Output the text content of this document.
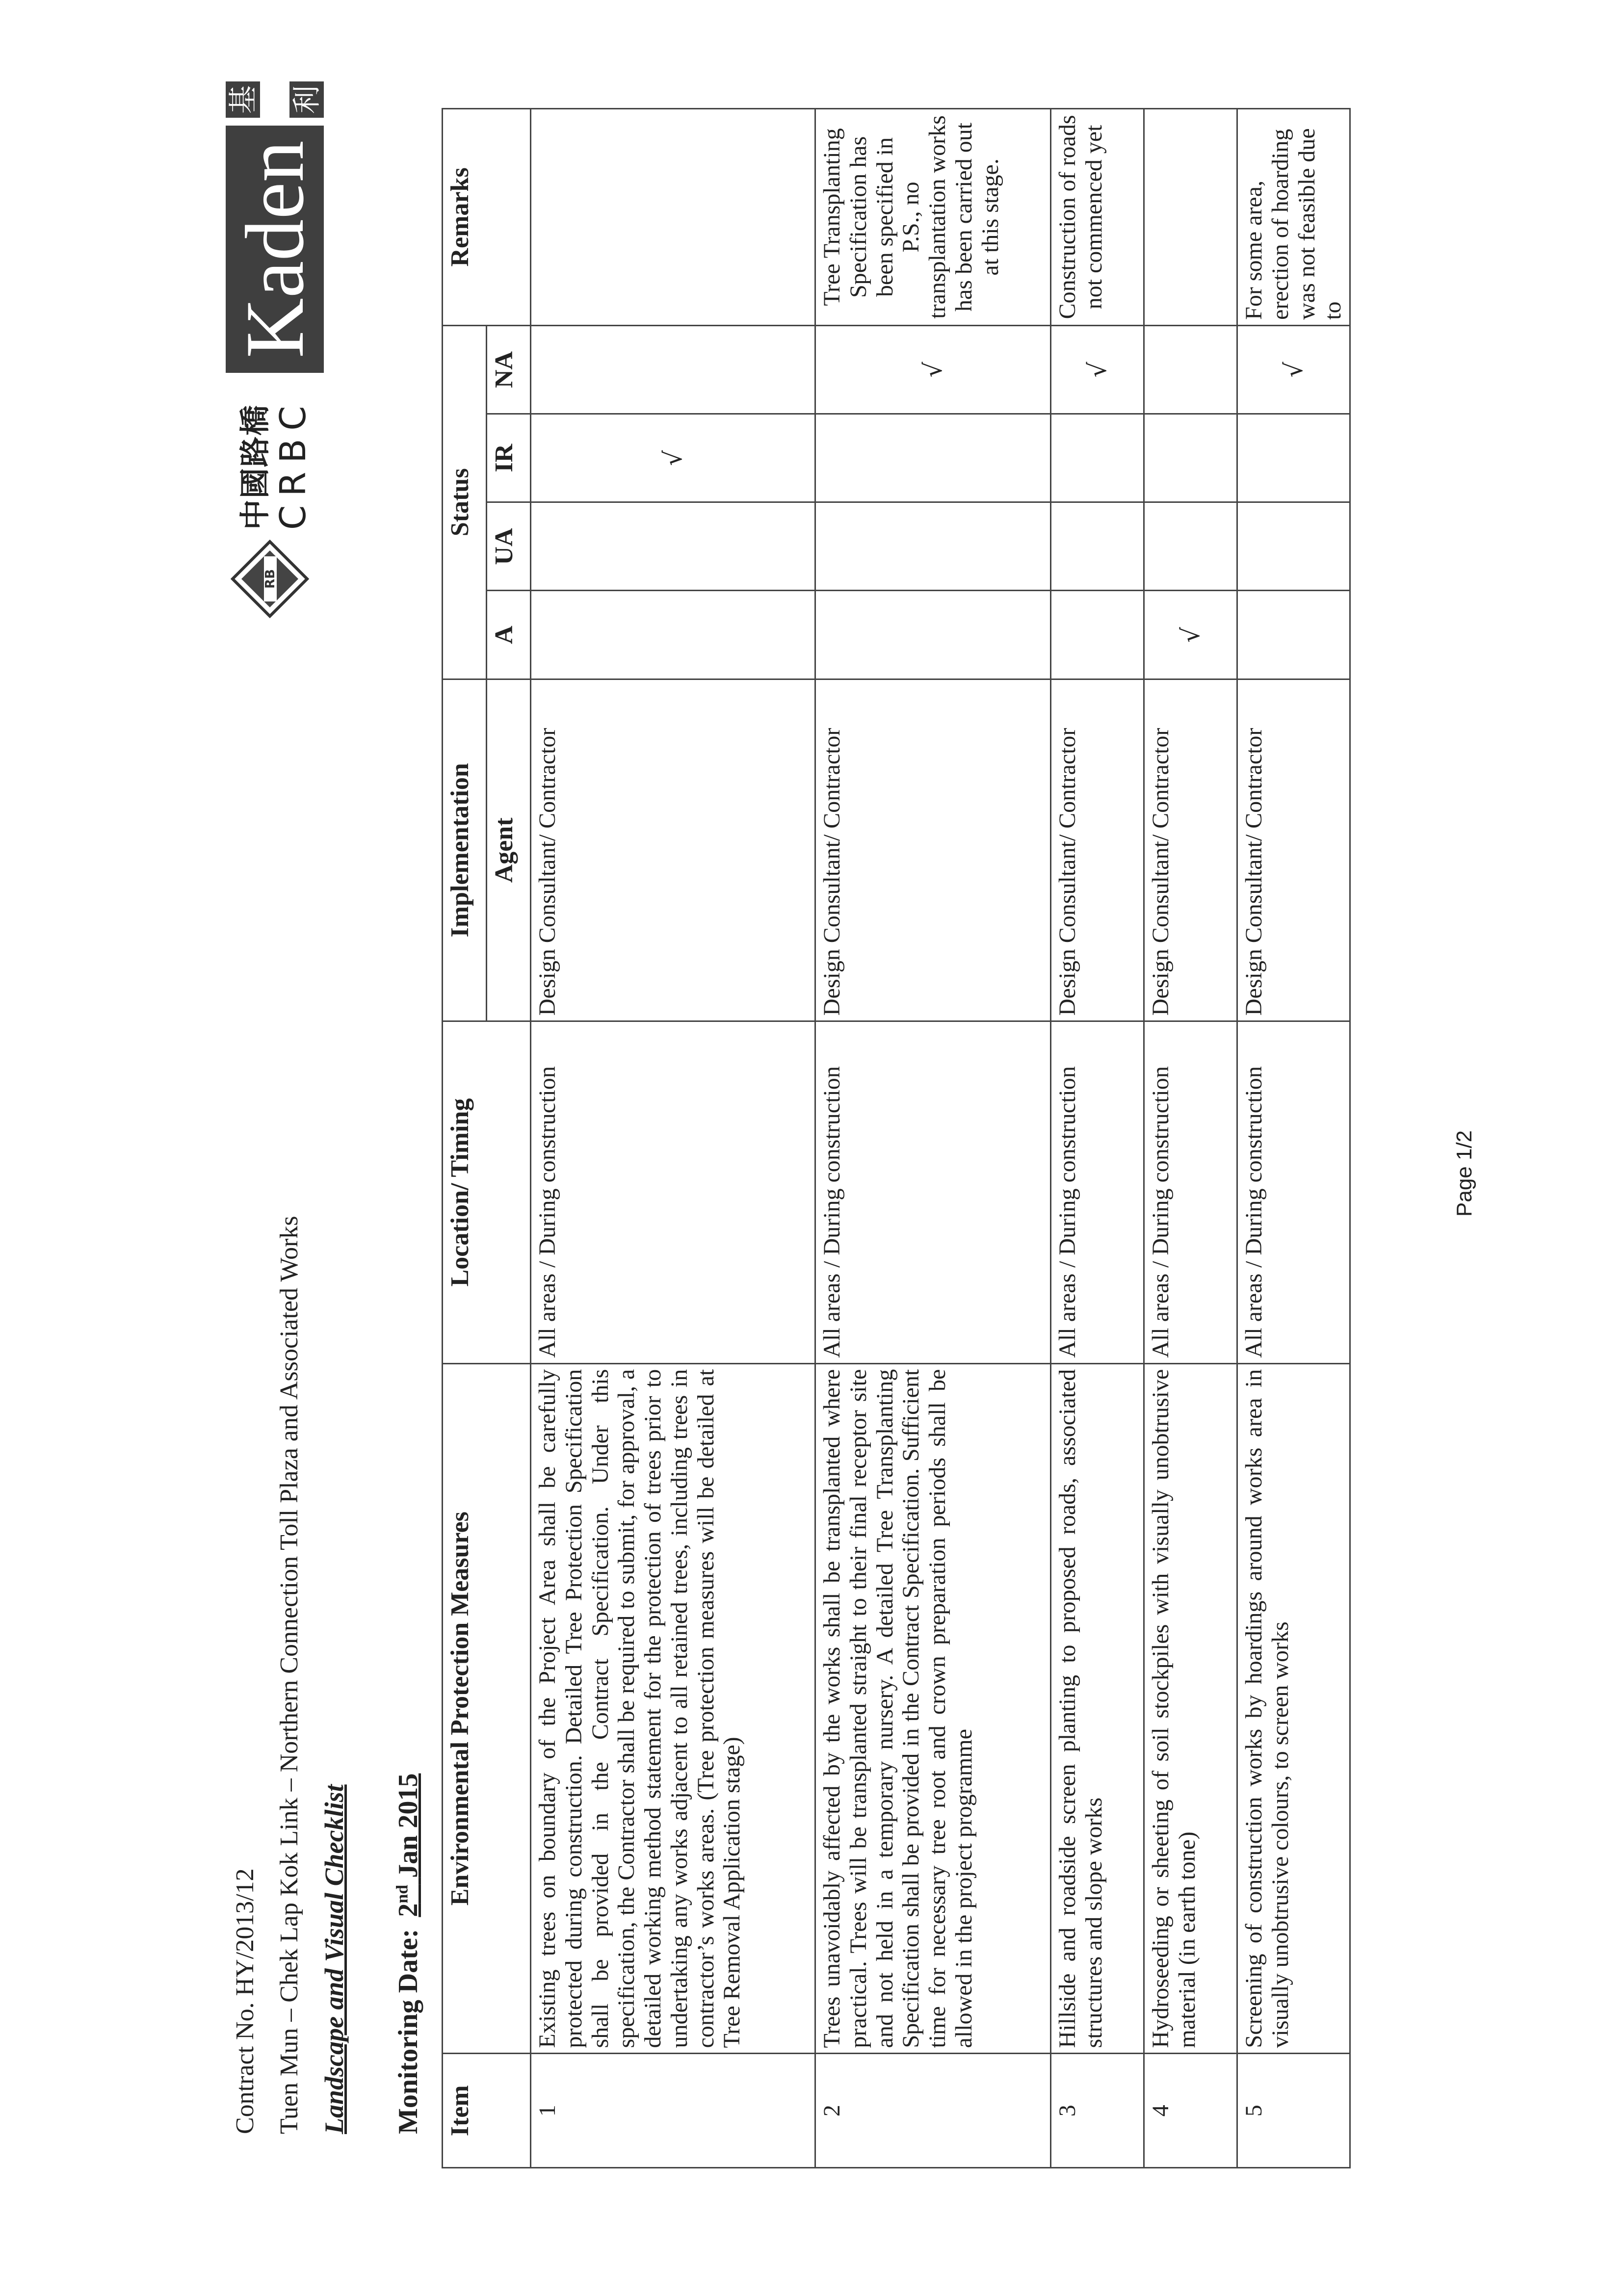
Contract No. HY/2013/12 Tuen Mun – Chek Lap Kok Link – Northern Connection Toll Plaza and Associated Works Landscape and Visual Checklist Monitoring Date: 2nd Jan 2015
RB
中國路橋 CRBC
Kaden
基 利
Item	Environmental Protection Measures	Location/ Timing	Implementation	Status				Remarks
			Agent	A	UA	IR	NA	
1	Existing trees on boundary of the Project Area shall be carefully protected during construction. Detailed Tree Protection Specification shall be provided in the Contract Specification. Under this specification, the Contractor shall be required to submit, for approval, a detailed working method statement for the protection of trees prior to undertaking any works adjacent to all retained trees, including trees in contractor’s works areas. (Tree protection measures will be detailed at Tree Removal Application stage)	All areas / During construction	Design Consultant/ Contractor			√		
2	Trees unavoidably affected by the works shall be transplanted where practical. Trees will be transplanted straight to their final receptor site and not held in a temporary nursery. A detailed Tree Transplanting Specification shall be provided in the Contract Specification. Sufficient time for necessary tree root and crown preparation periods shall be allowed in the project programme	All areas / During construction	Design Consultant/ Contractor				√	Tree Transplanting Specification has been specified in P.S., no transplantation works has been carried out at this stage.
3	Hillside and roadside screen planting to proposed roads, associated structures and slope works	All areas / During construction	Design Consultant/ Contractor				√	Construction of roads not commenced yet
4	Hydroseeding or sheeting of soil stockpiles with visually unobtrusive material (in earth tone)	All areas / During construction	Design Consultant/ Contractor	√				
5	Screening of construction works by hoardings around works area in visually unobtrusive colours, to screen works	All areas / During construction	Design Consultant/ Contractor				√	For some area, erection of hoarding was not feasible due to
Page 1/2
